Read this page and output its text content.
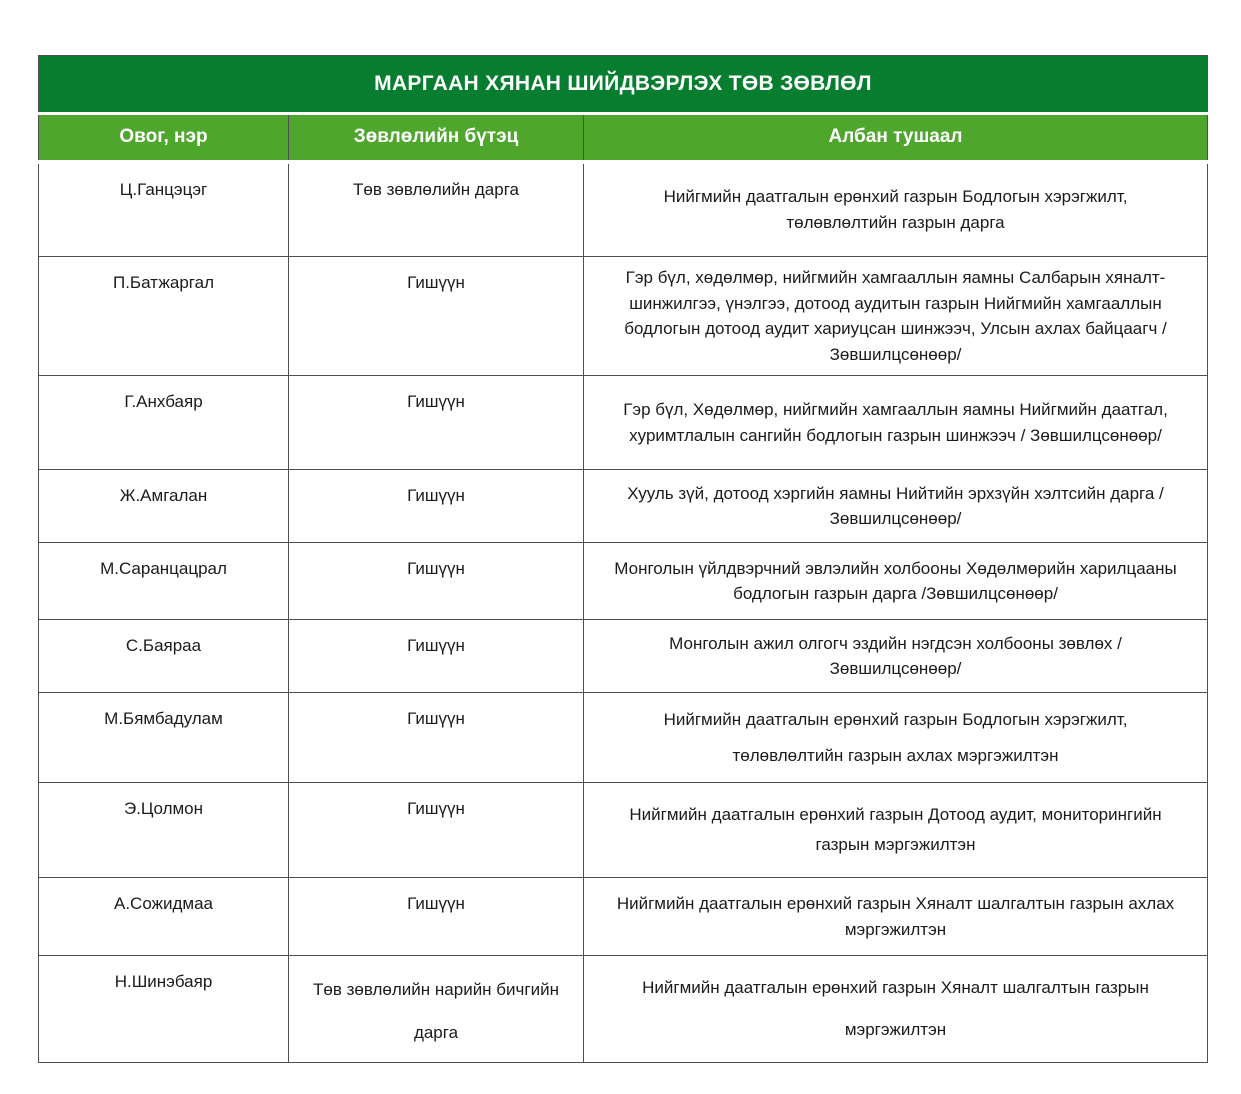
МАРГААН ХЯНАН ШИЙДВЭРЛЭХ ТӨВ ЗӨВЛӨЛ		
Овог, нэр	Зөвлөлийн бүтэц	Албан тушаал
Ц.Ганцэцэг	Төв зөвлөлийн дарга	Нийгмийн даатгалын ерөнхий газрын Бодлогын хэрэгжилт, төлөвлөлтийн газрын дарга
П.Батжаргал	Гишүүн	Гэр бүл, хөдөлмөр, нийгмийн хамгааллын яамны Салбарын хяналт-шинжилгээ, үнэлгээ, дотоод аудитын газрын Нийгмийн хамгааллын бодлогын дотоод аудит хариуцсан шинжээч, Улсын ахлах байцаагч /Зөвшилцсөнөөр/
Г.Анхбаяр	Гишүүн	Гэр бүл, Хөдөлмөр, нийгмийн хамгааллын яамны Нийгмийн даатгал, хуримтлалын сангийн бодлогын газрын шинжээч / Зөвшилцсөнөөр/
Ж.Амгалан	Гишүүн	Хууль зүй, дотоод хэргийн яамны Нийтийн эрхзүйн хэлтсийн дарга /Зөвшилцсөнөөр/
М.Саранцацрал	Гишүүн	Монголын үйлдвэрчний эвлэлийн холбооны Хөдөлмөрийн харилцааны бодлогын газрын дарга /Зөвшилцсөнөөр/
С.Баяраа	Гишүүн	Монголын ажил олгогч эздийн нэгдсэн холбооны зөвлөх / Зөвшилцсөнөөр/
М.Бямбадулам	Гишүүн	Нийгмийн даатгалын ерөнхий газрын Бодлогын хэрэгжилт, төлөвлөлтийн газрын ахлах мэргэжилтэн
Э.Цолмон	Гишүүн	Нийгмийн даатгалын ерөнхий газрын Дотоод аудит, мониторингийн газрын мэргэжилтэн
А.Сожидмаа	Гишүүн	Нийгмийн даатгалын ерөнхий газрын Хяналт шалгалтын газрын ахлах мэргэжилтэн
Н.Шинэбаяр	Төв зөвлөлийн нарийн бичгийн дарга	Нийгмийн даатгалын ерөнхий газрын Хяналт шалгалтын газрын мэргэжилтэн
